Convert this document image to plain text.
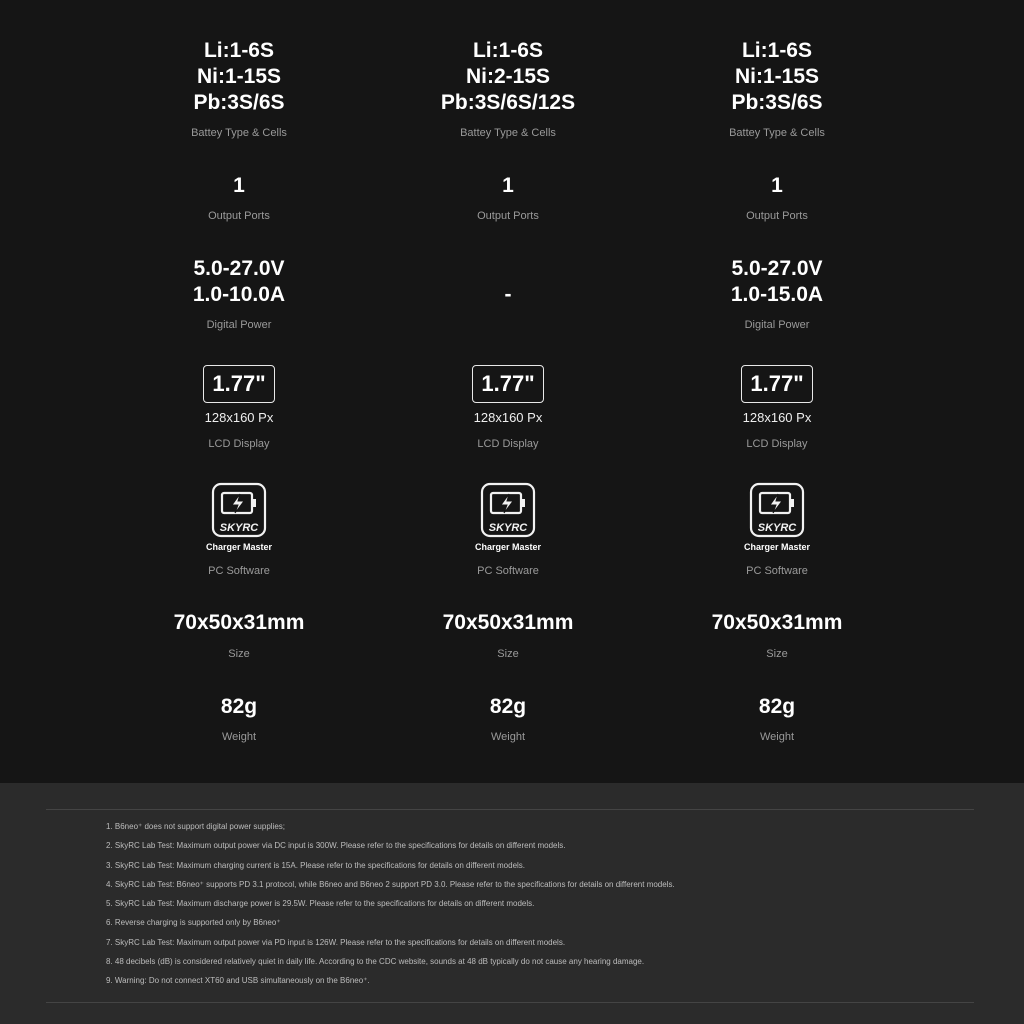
Li:1-6S
Ni:1-15S
Pb:3S/6S
Battey Type & Cells
1
Output Ports
5.0-27.0V
1.0-10.0A
Digital Power
1.77"
128x160 Px
LCD Display
SKYRC
Charger Master
PC Software
70x50x31mm
Size
82g
Weight
Li:1-6S
Ni:2-15S
Pb:3S/6S/12S
Battey Type & Cells
1
Output Ports
-
1.77"
128x160 Px
LCD Display
SKYRC
Charger Master
PC Software
70x50x31mm
Size
82g
Weight
Li:1-6S
Ni:1-15S
Pb:3S/6S
Battey Type & Cells
1
Output Ports
5.0-27.0V
1.0-15.0A
Digital Power
1.77"
128x160 Px
LCD Display
SKYRC
Charger Master
PC Software
70x50x31mm
Size
82g
Weight
1. B6neo⁺ does not support digital power supplies;
2. SkyRC Lab Test: Maximum output power via DC input is 300W. Please refer to the specifications for details on different models.
3. SkyRC Lab Test: Maximum charging current is 15A. Please refer to the specifications for details on different models.
4. SkyRC Lab Test: B6neo⁺ supports PD 3.1 protocol, while B6neo and B6neo 2 support PD 3.0. Please refer to the specifications for details on different models.
5. SkyRC Lab Test: Maximum discharge power is 29.5W. Please refer to the specifications for details on different models.
6. Reverse charging is supported only by B6neo⁺
7. SkyRC Lab Test: Maximum output power via PD input is 126W. Please refer to the specifications for details on different models.
8. 48 decibels (dB) is considered relatively quiet in daily life. According to the CDC website, sounds at 48 dB typically do not cause any hearing damage.
9. Warning: Do not connect XT60 and USB simultaneously on the B6neo⁺.
